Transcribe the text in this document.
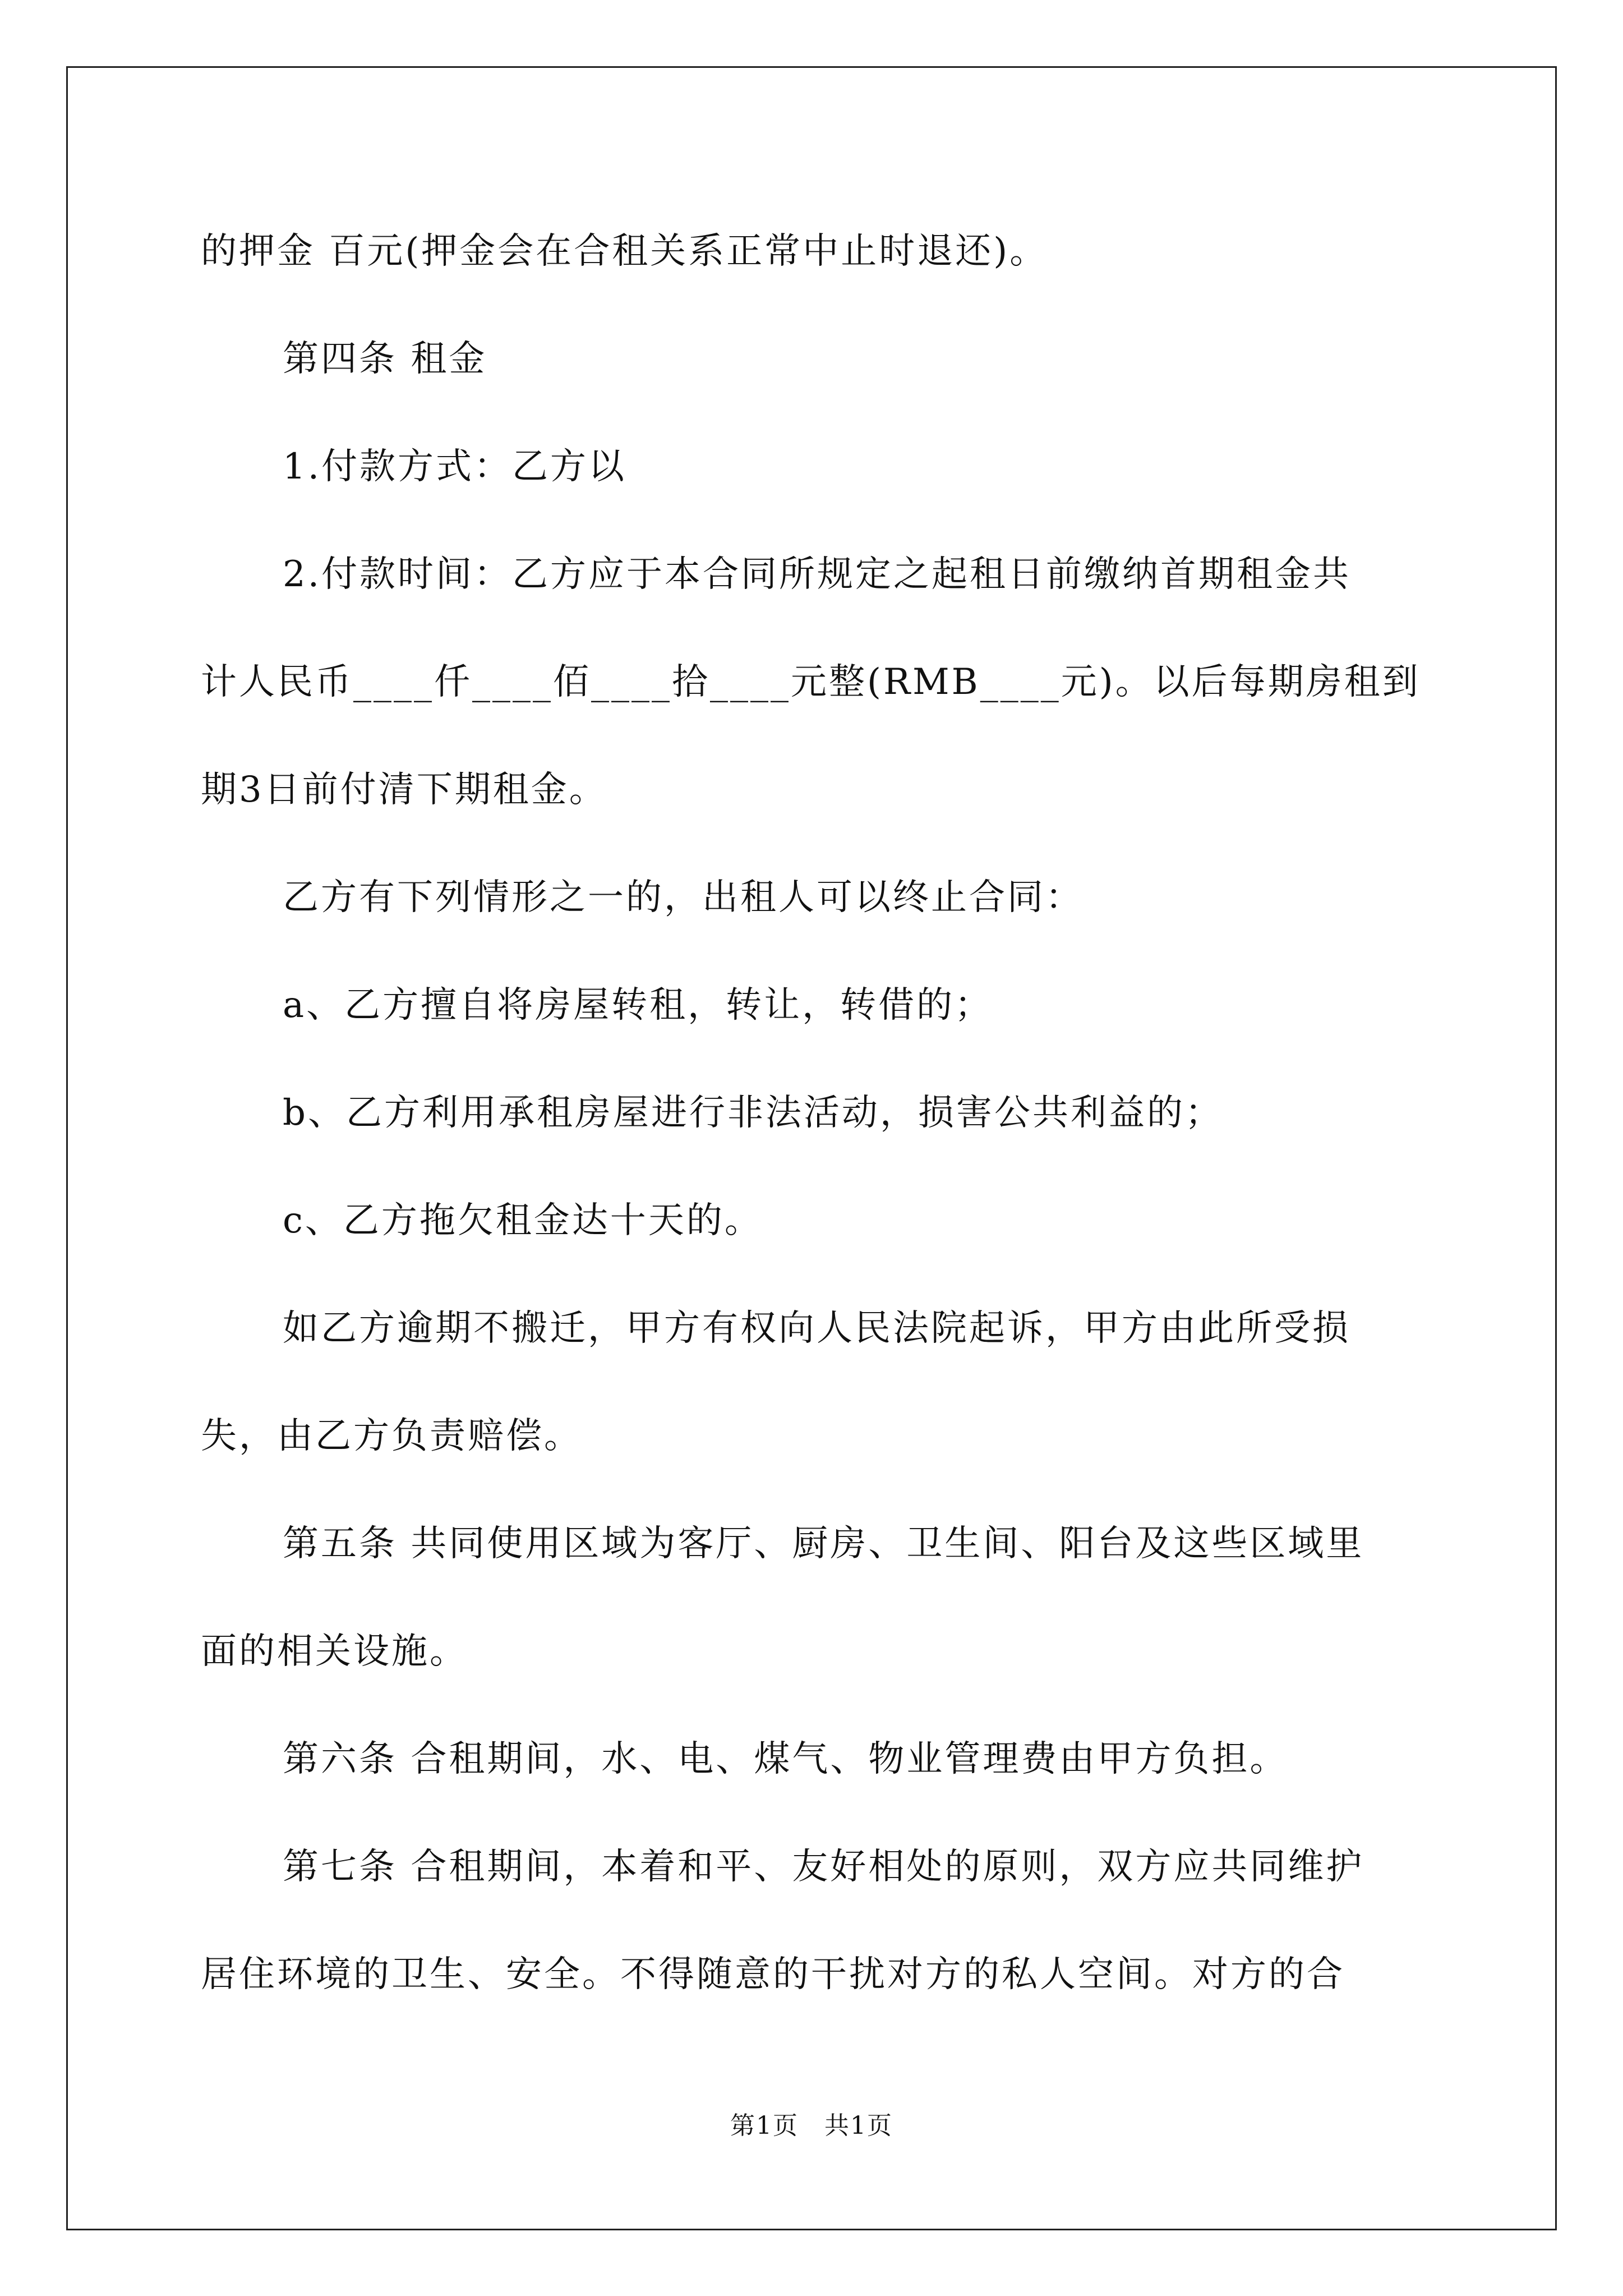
的押金 百元(押金会在合租关系正常中止时退还)。
第四条 租金
1.付款方式：乙方以
2.付款时间：乙方应于本合同所规定之起租日前缴纳首期租金共
计人民币____仟____佰____拾____元整(RMB____元)。以后每期房租到
期3日前付清下期租金。
乙方有下列情形之一的，出租人可以终止合同：
a、乙方擅自将房屋转租，转让，转借的；
b、乙方利用承租房屋进行非法活动，损害公共利益的；
c、乙方拖欠租金达十天的。
如乙方逾期不搬迁，甲方有权向人民法院起诉，甲方由此所受损
失，由乙方负责赔偿。
第五条 共同使用区域为客厅、厨房、卫生间、阳台及这些区域里
面的相关设施。
第六条 合租期间，水、电、煤气、物业管理费由甲方负担。
第七条 合租期间，本着和平、友好相处的原则，双方应共同维护
居住环境的卫生、安全。不得随意的干扰对方的私人空间。对方的合
第1页　共1页
